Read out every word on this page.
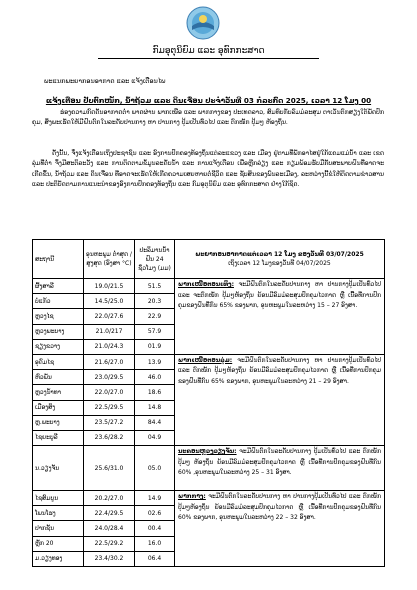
ກົມອຸຕຸນິຍົມ ແລະ ອຸທົກກະສາດ
ພະແນກພະຍາກອນອາກາດ ແລະ ແຈ້ງເຕືອນໄພ
ແຈ້ງເຕືອນ ປັບຕົກໜັກ, ນ້ຳຖ້ວມ ແລະ ດິນເຈື່ອນ ປະຈຳວັນທີ 03 ກໍລະກົດ 2025, ເວລາ 12 ໂມງ 00
ຮ່ອງຄວາມກົດດັນອາກາດຕ່ຳ ພາດຜ່ານ ພາກເໜືອ ແລະ ພາກກາງຂອງ ປະເທດລາວ, ສົມທົບກັບລົມມໍລະສຸມ ຕາເວັນຕົກສຽງໃຕ້ພັດປົກຄຸມ, ສິ່ງພະເຮັດໃຫ້ມີຝົນຕົກໃນລະດັບປານກາງ ຫາ ປານກາງ ປຸ້ມເປັນທົ່ວໄປ ແລະ ຕົກໜັກ ປຸ້ມໆ ຫ້ອງຖິ່ນ.
ດັ່ງນັ້ນ, ຈຶ່ງແຈ້ງເຕືອນເຖິງປະຊາຊົນ ແລະ ອົງການປົກຄອງທ້ອງຖິ່ນແຕ່ລະແຂວງ ແລະ ເມືອງ ຢູ່ຕາມທີ່ພັກອາໄສຢູ່ໃກ້ແຄມແມ່ນ້ຳ ແລະ ເຂດລຸ່ມທີ່ຕ່ຳ ຈຶ່ງມີສະຕິລະວັງ ແລະ ການຕິດຕາມຂໍ້ມູນລະດັບນ້ຳ ແລະ ການແຈ້ງເຕືອນ ເພື່ອຫຼີກລ່ຽງ ແລະ ກຽມພ້ອມຮັບມືກັບສະພາບຝົນທີ່ອາດຈະເກີດຂຶ້ນ, ນ້ຳຖ້ວມ ແລະ ດິນເຈື່ອນ ທີ່ອາດຈະເຮັດໃຫ້ເກີດຄວາມເສຍຫາຍຕໍ່ຊີວິດ ແລະ ຊັບສິນຂອງພົນລະເມືອງ, ລະຫວ່າງນີ້ຂໍໃຫ້ຕິດຕາມຂ່າວສານ ແລະ ປະຕິບັດຕາມການແນະນຳຂອງອົງການປົກຄອງທ້ອງຖິ່ນ ແລະ ກົມອຸຕຸນິຍົມ ແລະ ອຸທົກກະສາດ ຢ່າງໃກ້ຊິດ.
ສະຖານີ	ອຸນຫະພູມ ຕ່ຳສຸດ /ສູງສຸດ (ອົງສາ °C)	ປະລິມານນ້ຳຝົນ 24 ຊົ່ວໂມງ (ມມ)	ພະຍາກອນອາກາດແຕ່ເວລາ 12 ໂມງ ຂອງວັນທີ 03/07/2025
ເຖິງເວລາ 12 ໂມງຂອງວັນທີ 04/07/2025
ຜົ້ງສາລີ	19.0/21.5	51.5	ພາກເໜືອຕອນເທິງ: ຈະມີຝົນຕົກໃນລະດັບປານກາງ ຫາ ປານກາງປຸ້ມເປັນທົ່ວໄປ ແລະ ຈະຕົກໜັກ ປຸ້ມໆຫ້ອງຖິ່ນ ຍ້ອນມີລົມມໍລະສຸມປົກຄຸມໄວກາດ ຫຼື ເນື້ອທີ່ການປົກຄຸມຂອງຝົນທີ່ກົນ 65% ຂອງພາກ, ອຸນຫະພູມໃນລະຫວ່າງ 15 – 27 ອົງສາ.
ບໍ່ແກ້ວ	14.5/25.0	20.3	
ຫຼວງໄຊ	22.0/27.6	22.9	
ຫຼວງພະບາງ	21.0/217	57.9	
ຊຽງຂວາງ	21.0/24.3	01.9	
ອຸດົມໄຊ	21.6/27.0	13.9	ພາກເໜືອຕອນລຸ່ມ: ຈະມີຝົນຕົກໃນລະດັບປານກາງ ຫາ ປານກາງປຸ້ມເປັນທົ່ວໄປ ແລະ ຕົກໜັກ ປຸ້ມໆຫ້ອງຖິ່ນ ຍ້ອນມີລົມມໍລະສຸມປົກຄຸມໄວກາດ ຫຼື ເນື້ອທີ່ການປົກຄຸມຂອງຝົນທີ່ກົນ 65% ຂອງພາກ, ອຸນຫະພູມໃນລະຫວ່າງ 21 – 29 ອົງສາ.
ຫົວພັນ	23.0/29.5	46.0	
ຫຼວງນ້ຳທາ	22.0/27.0	18.6	
ເມືອງສິງ	22.5/29.5	14.8	
ຫຼ.ພະບາງ	23.5/27.2	84.4	
ໄຊຍະບູລີ	23.6/28.2	04.9	
ນ.ວຽງຈັນ	25.6/31.0	05.0	ນະຄອນຫຼວງວຽງຈັນ: ຈະມີຝົນຕົກໃນລະດັບປານກາງ ປຸ້ມເປັນທົ່ວໄປ ແລະ ຕົກໜັກ ປຸ້ມໆ ຫ້ອງຖິ່ນ ຍ້ອນມີລົມມໍລະສຸມປົກຄຸມໄວກາດ ຫຼື ເນື້ອທີ່ການປົກຄຸມຂອງຝົນທີ່ກົນ 60% ,ອຸນຫະພູມໃນລະຫວ່າງ 25 – 31 ອົງສາ.
ໄຊສົມບູນ	20.2/27.0	14.9	ພາກກາງ: ຈະມີຝົນຕົກໃນລະດັບປານກາງ ຫາ ປານກາງປຸ້ມເປັນທົ່ວໄປ ແລະ ຕົກໜັກ ປຸ້ມໆຫ້ອງຖິ່ນ ຍ້ອນມີລົມມໍລະສຸມປົກຄຸມໄວກາດ ຫຼື ເນື້ອທີ່ການປົກຄຸມຂອງຝົນທີ່ກົນ 60% ຂອງພາກ, ອຸນຫະພູມໃນລະຫວ່າງ 22 – 32 ອົງສາ.
ໂພນໂຮງ	22.4/29.5	02.6	
ປາກຊັນ	24.0/28.4	00.4	
ຫຼັກ 20	22.5/29.2	16.0	
ມ.ວຽງທອງ	23.4/30.2	06.4	
